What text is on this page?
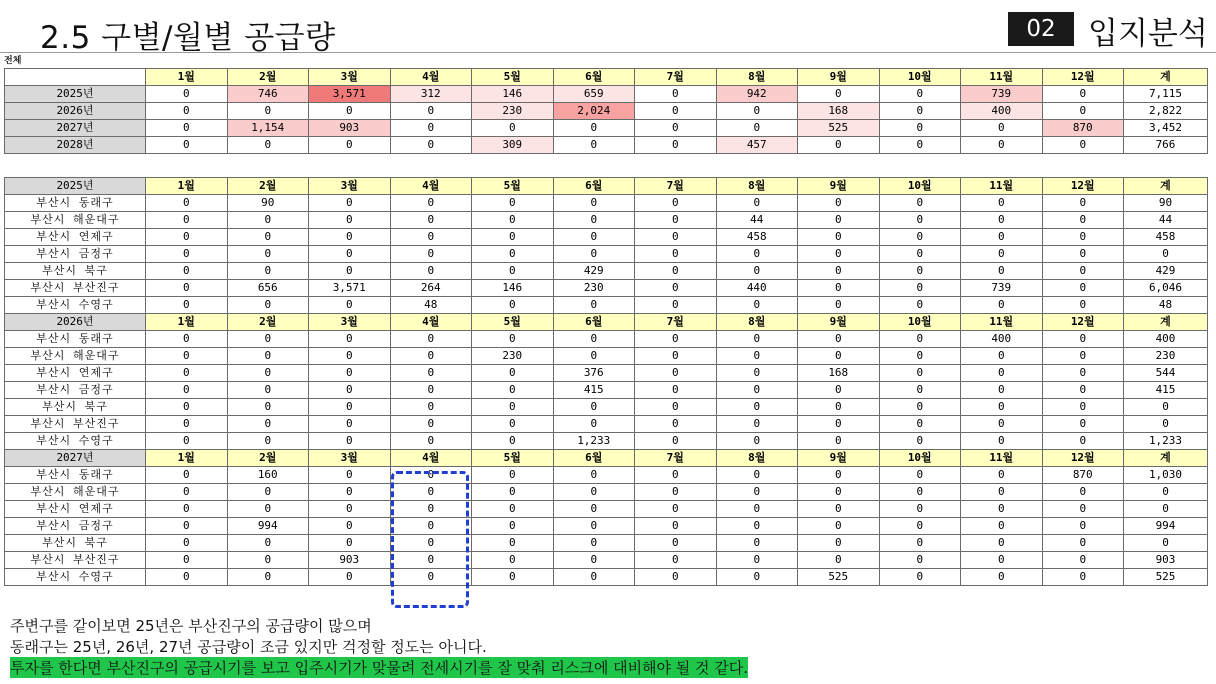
2.5 구별/월별 공급량	02	입지분석
전체
	1월	2월	3월	4월	5월	6월	7월	8월	9월	10월	11월	12월	계
2025년	0	746	3,571	312	146	659	0	942	0	0	739	0	7,115
2026년	0	0	0	0	230	2,024	0	0	168	0	400	0	2,822
2027년	0	1,154	903	0	0	0	0	0	525	0	0	870	3,452
2028년	0	0	0	0	309	0	0	457	0	0	0	0	766
2025년	1월	2월	3월	4월	5월	6월	7월	8월	9월	10월	11월	12월	계
부산시 동래구	0	90	0	0	0	0	0	0	0	0	0	0	90
부산시 해운대구	0	0	0	0	0	0	0	44	0	0	0	0	44
부산시 연제구	0	0	0	0	0	0	0	458	0	0	0	0	458
부산시 금정구	0	0	0	0	0	0	0	0	0	0	0	0	0
부산시 북구	0	0	0	0	0	429	0	0	0	0	0	0	429
부산시 부산진구	0	656	3,571	264	146	230	0	440	0	0	739	0	6,046
부산시 수영구	0	0	0	48	0	0	0	0	0	0	0	0	48
2026년	1월	2월	3월	4월	5월	6월	7월	8월	9월	10월	11월	12월	계
부산시 동래구	0	0	0	0	0	0	0	0	0	0	400	0	400
부산시 해운대구	0	0	0	0	230	0	0	0	0	0	0	0	230
부산시 연제구	0	0	0	0	0	376	0	0	168	0	0	0	544
부산시 금정구	0	0	0	0	0	415	0	0	0	0	0	0	415
부산시 북구	0	0	0	0	0	0	0	0	0	0	0	0	0
부산시 부산진구	0	0	0	0	0	0	0	0	0	0	0	0	0
부산시 수영구	0	0	0	0	0	1,233	0	0	0	0	0	0	1,233
2027년	1월	2월	3월	4월	5월	6월	7월	8월	9월	10월	11월	12월	계
부산시 동래구	0	160	0	0	0	0	0	0	0	0	0	870	1,030
부산시 해운대구	0	0	0	0	0	0	0	0	0	0	0	0	0
부산시 연제구	0	0	0	0	0	0	0	0	0	0	0	0	0
부산시 금정구	0	994	0	0	0	0	0	0	0	0	0	0	994
부산시 북구	0	0	0	0	0	0	0	0	0	0	0	0	0
부산시 부산진구	0	0	903	0	0	0	0	0	0	0	0	0	903
부산시 수영구	0	0	0	0	0	0	0	0	525	0	0	0	525
주변구를 같이보면 25년은 부산진구의 공급량이 많으며
동래구는 25년, 26년, 27년 공급량이 조금 있지만 걱정할 정도는 아니다.
투자를 한다면 부산진구의 공급시기를 보고 입주시기가 맞물려 전세시기를 잘 맞춰 리스크에 대비해야 될 것 같다.
